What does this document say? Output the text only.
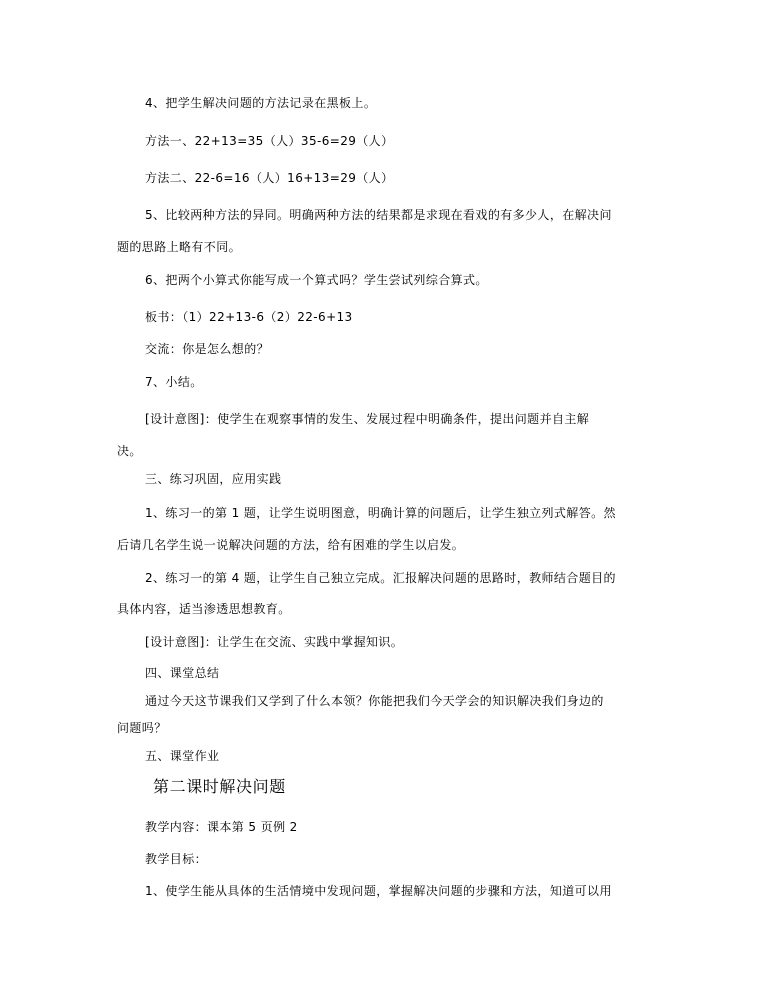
4、把学生解决问题的方法记录在黑板上。
方法一、22+13=35（人）35-6=29（人）
方法二、22-6=16（人）16+13=29（人）
5、比较两种方法的异同。明确两种方法的结果都是求现在看戏的有多少人，在解决问
题的思路上略有不同。
6、把两个小算式你能写成一个算式吗？学生尝试列综合算式。
板书：（1）22+13-6（2）22-6+13
交流：你是怎么想的？
7、小结。
[设计意图]：使学生在观察事情的发生、发展过程中明确条件，提出问题并自主解
决。
三、练习巩固，应用实践
1、练习一的第 1 题，让学生说明图意，明确计算的问题后，让学生独立列式解答。然
后请几名学生说一说解决问题的方法，给有困难的学生以启发。
2、练习一的第 4 题，让学生自己独立完成。汇报解决问题的思路时，教师结合题目的
具体内容，适当渗透思想教育。
[设计意图]：让学生在交流、实践中掌握知识。
四、课堂总结
通过今天这节课我们又学到了什么本领？你能把我们今天学会的知识解决我们身边的
问题吗？
五、课堂作业
第二课时解决问题
教学内容：课本第 5 页例 2
教学目标：
1、使学生能从具体的生活情境中发现问题，掌握解决问题的步骤和方法，知道可以用
